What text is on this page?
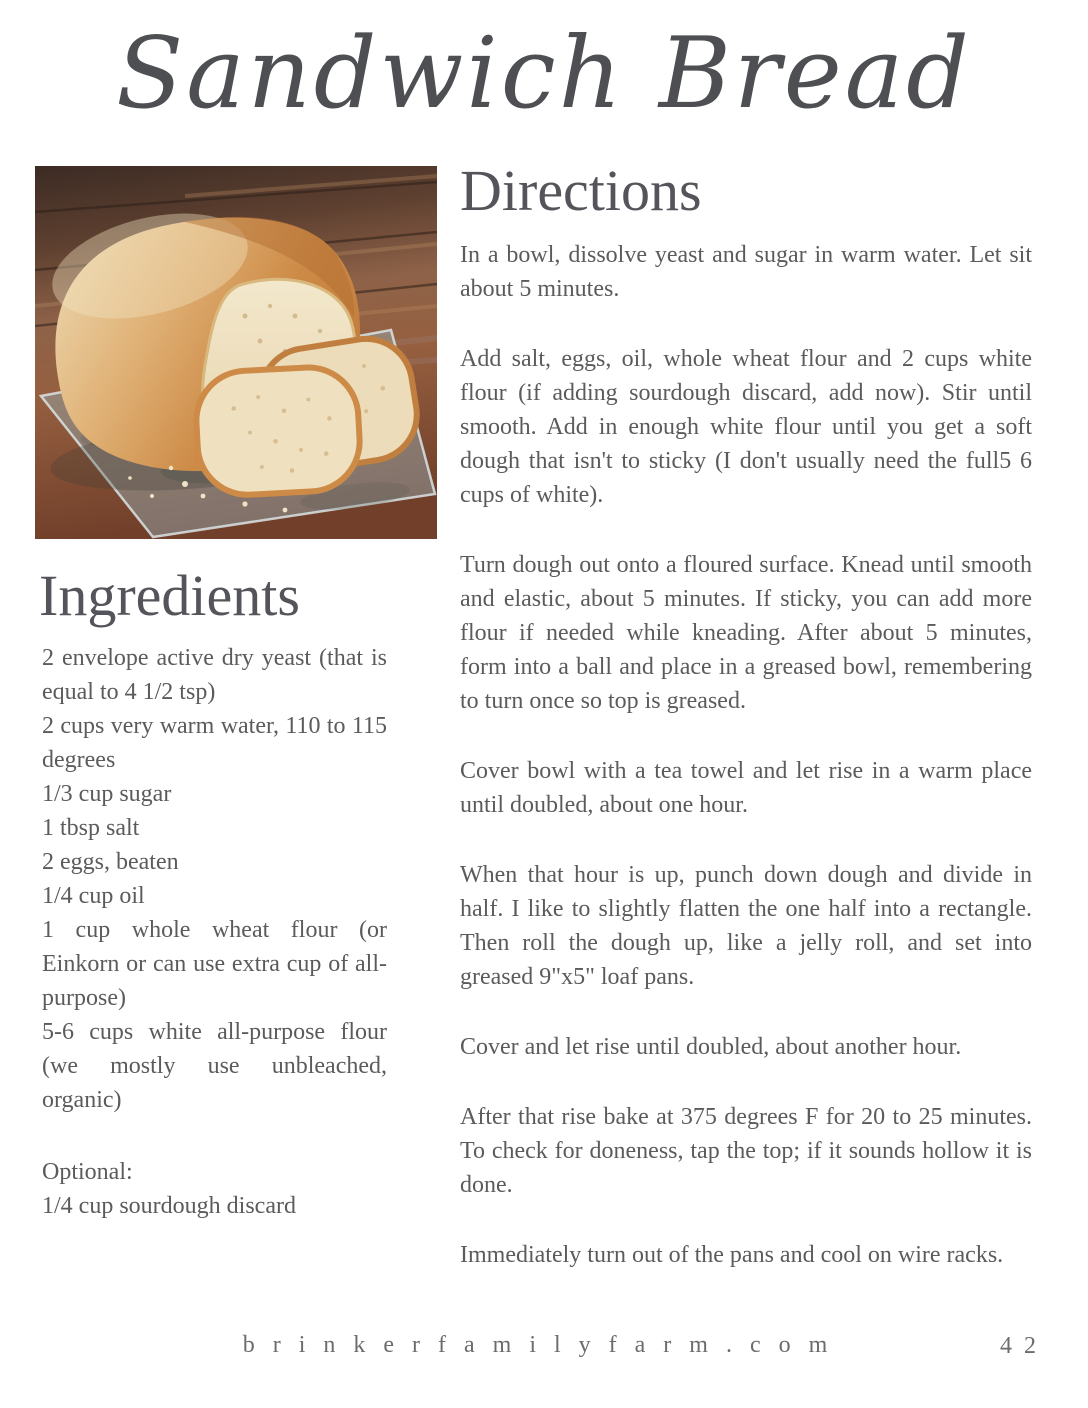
Sandwich Bread
Ingredients

2 envelope active dry yeast (that is equal to 4 1/2 tsp)

2 cups very warm water, 110 to 115 degrees

1/3 cup sugar

1 tbsp salt

2 eggs, beaten

1/4 cup oil

1 cup whole wheat flour (or Einkorn or can use extra cup of all-purpose)

5-6 cups white all-purpose flour (we mostly use unbleached, organic)

Optional:

1/4 cup sourdough discard

Directions

In a bowl, dissolve yeast and sugar in warm water. Let sit about 5 minutes.

Add salt, eggs, oil, whole wheat flour and 2 cups white flour (if adding sourdough discard, add now). Stir until smooth. Add in enough white flour until you get a soft dough that isn't to sticky (I don't usually need the full5 6 cups of white).

Turn dough out onto a floured surface. Knead until smooth and elastic, about 5 minutes. If sticky, you can add more flour if needed while kneading. After about 5 minutes, form into a ball and place in a greased bowl, remembering to turn once so top is greased.

Cover bowl with a tea towel and let rise in a warm place until doubled, about one hour.

When that hour is up, punch down dough and divide in half. I like to slightly flatten the one half into a rectangle. Then roll the dough up, like a jelly roll, and set into greased 9"x5" loaf pans.

Cover and let rise until doubled, about another hour.

After that rise bake at 375 degrees F for 20 to 25 minutes. To check for doneness, tap the top; if it sounds hollow it is done.

Immediately turn out of the pans and cool on wire racks.

brinkerfamilyfarm.com	42
